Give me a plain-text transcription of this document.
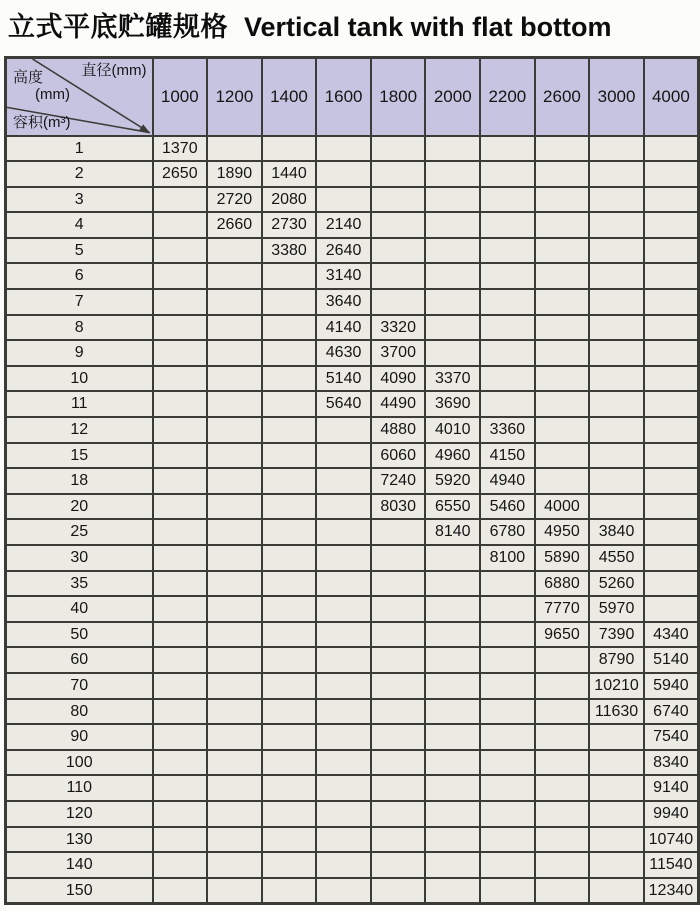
立式平底贮罐规格 Vertical tank with flat bottom
直径(mm)
高度
(mm)
容积(m³)	1000	1200	1400	1600	1800	2000	2200	2600	3000	4000
1	1370									
2	2650	1890	1440							
3		2720	2080							
4		2660	2730	2140						
5			3380	2640						
6				3140						
7				3640						
8				4140	3320					
9				4630	3700					
10				5140	4090	3370				
11				5640	4490	3690				
12					4880	4010	3360			
15					6060	4960	4150			
18					7240	5920	4940			
20					8030	6550	5460	4000		
25						8140	6780	4950	3840	
30							8100	5890	4550	
35								6880	5260	
40								7770	5970	
50								9650	7390	4340
60									8790	5140
70									10210	5940
80									11630	6740
90										7540
100										8340
110										9140
120										9940
130										10740
140										11540
150										12340
